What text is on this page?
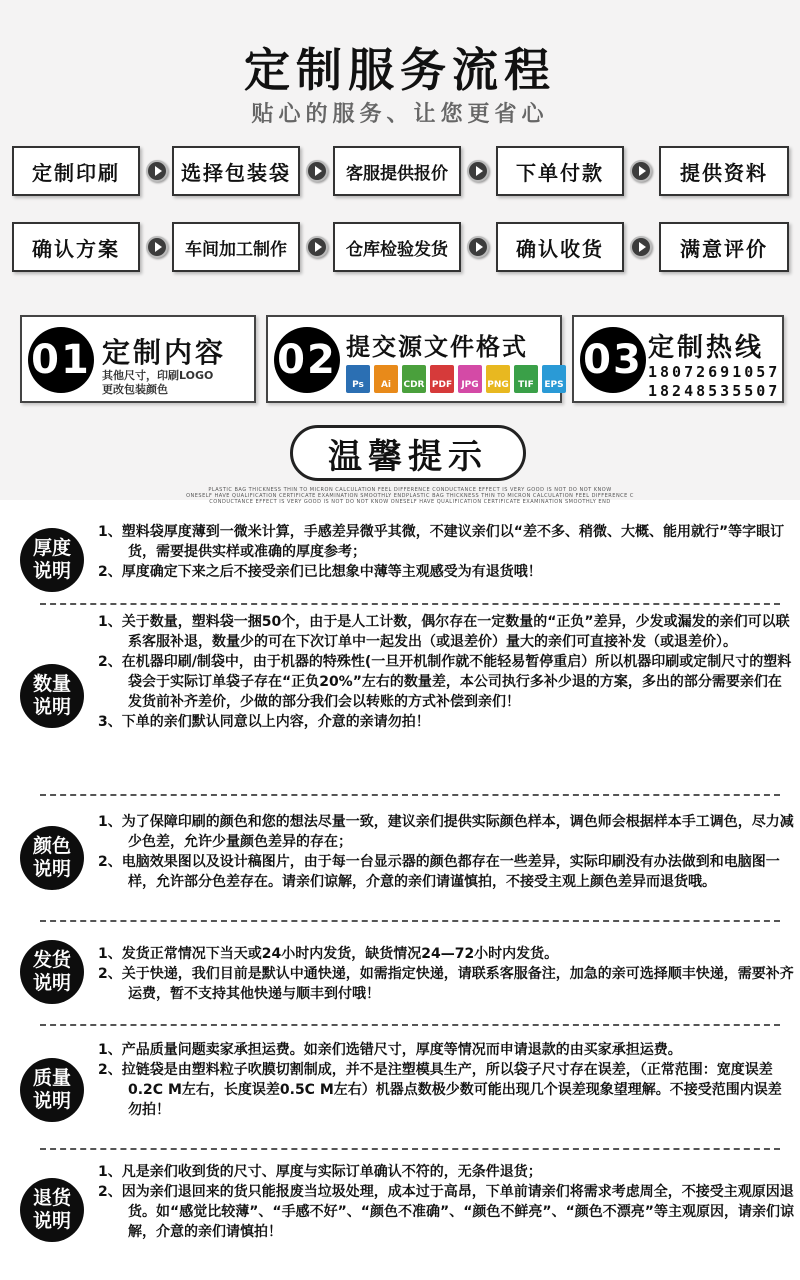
定制服务流程
贴心的服务、让您更省心
定制印刷	选择包装袋	客服提供报价	下单付款	提供资料
确认方案	车间加工制作	仓库检验发货	确认收货	满意评价
01 定制内容
其他尺寸，印刷LOGO
更改包装颜色
02 提交源文件格式
Ps	Ai	CDR PDF	JPG PNG	TIF	EPS
03 定制热线
18072691057
18248535507
温馨提示
PLASTIC BAG THICKNESS THIN TO MICRON CALCULATION FEEL DIFFERENCE CONDUCTANCE EFFECT IS VERY GOOD IS NOT DO NOT KNOW
ONESELF HAVE QUALIFICATION CERTIFICATE EXAMINATION SMOOTHLY ENDPLASTIC BAG THICKNESS THIN TO MICRON CALCULATION FEEL DIFFERENCE C
CONDUCTANCE EFFECT IS VERY GOOD IS NOT DO NOT KNOW ONESELF HAVE QUALIFICATION CERTIFICATE EXAMINATION SMOOTHLY END
厚度
说明

1、塑料袋厚度薄到一微米计算，手感差异微乎其微，不建议亲们以“差不多、稍微、大概、能用就行”等字眼订货，需要提供实样或准确的厚度参考；

2、厚度确定下来之后不接受亲们已比想象中薄等主观感受为有退货哦！

数量
说明

1、关于数量，塑料袋一捆50个，由于是人工计数，偶尔存在一定数量的“正负”差异，少发或漏发的亲们可以联系客服补退，数量少的可在下次订单中一起发出（或退差价）量大的亲们可直接补发（或退差价）。

2、在机器印刷/制袋中，由于机器的特殊性(一旦开机制作就不能轻易暂停重启）所以机器印刷或定制尺寸的塑料袋会于实际订单袋子存在“正负20%”左右的数量差，本公司执行多补少退的方案，多出的部分需要亲们在发货前补齐差价，少做的部分我们会以转账的方式补偿到亲们！

3、下单的亲们默认同意以上内容，介意的亲请勿拍！

颜色
说明

1、为了保障印刷的颜色和您的想法尽量一致，建议亲们提供实际颜色样本，调色师会根据样本手工调色，尽力减少色差，允许少量颜色差异的存在；

2、电脑效果图以及设计稿图片，由于每一台显示器的颜色都存在一些差异，实际印刷没有办法做到和电脑图一样，允许部分色差存在。请亲们谅解，介意的亲们请谨慎拍，不接受主观上颜色差异而退货哦。

发货
说明

1、发货正常情况下当天或24小时内发货，缺货情况24—72小时内发货。

2、关于快递，我们目前是默认中通快递，如需指定快递，请联系客服备注，加急的亲可选择顺丰快递，需要补齐运费，暂不支持其他快递与顺丰到付哦！

质量
说明

1、产品质量问题卖家承担运费。如亲们选错尺寸，厚度等情况而申请退款的由买家承担运费。

2、拉链袋是由塑料粒子吹膜切割制成，并不是注塑模具生产，所以袋子尺寸存在误差，（正常范围：宽度误差0.2C M左右，长度误差0.5C M左右）机器点数极少数可能出现几个误差现象望理解。不接受范围内误差勿拍！

退货
说明

1、凡是亲们收到货的尺寸、厚度与实际订单确认不符的，无条件退货；

2、因为亲们退回来的货只能报废当垃圾处理，成本过于高昂，下单前请亲们将需求考虑周全，不接受主观原因退货。如“感觉比较薄”、“手感不好”、“颜色不准确”、“颜色不鲜亮”、“颜色不漂亮”等主观原因，请亲们谅解，介意的亲们请慎拍！
